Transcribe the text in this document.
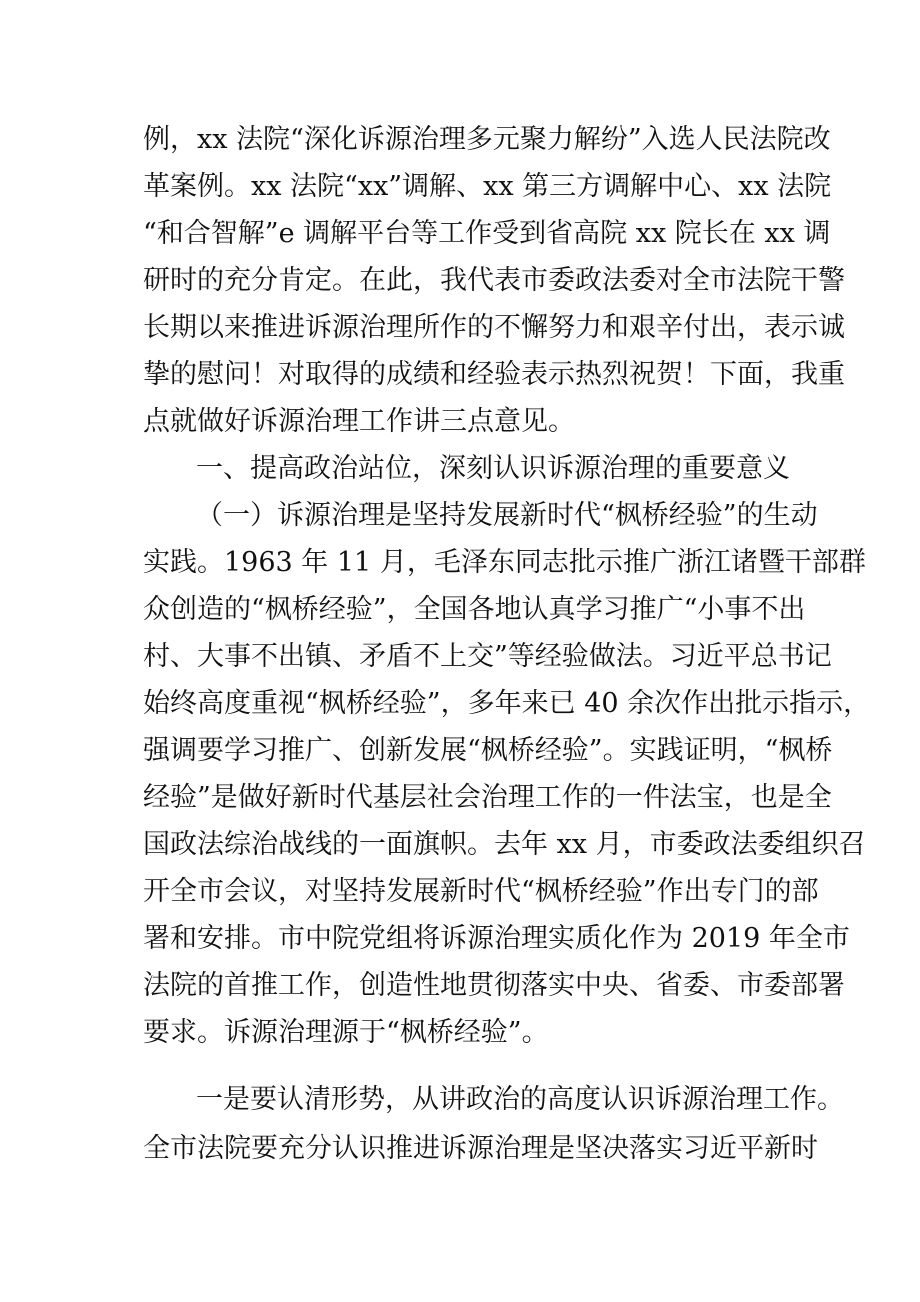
例，xx 法院“深化诉源治理多元聚力解纷”入选人民法院改
革案例。xx 法院“xx”调解、xx 第三方调解中心、xx 法院
“和合智解”e 调解平台等工作受到省高院 xx 院长在 xx 调
研时的充分肯定。在此，我代表市委政法委对全市法院干警
长期以来推进诉源治理所作的不懈努力和艰辛付出，表示诚
挚的慰问！对取得的成绩和经验表示热烈祝贺！下面，我重
点就做好诉源治理工作讲三点意见。
一、提高政治站位，深刻认识诉源治理的重要意义
（一）诉源治理是坚持发展新时代“枫桥经验”的生动
实践。1963 年 11 月，毛泽东同志批示推广浙江诸暨干部群
众创造的“枫桥经验”，全国各地认真学习推广“小事不出
村、大事不出镇、矛盾不上交”等经验做法。习近平总书记
始终高度重视“枫桥经验”，多年来已 40 余次作出批示指示，
强调要学习推广、创新发展“枫桥经验”。实践证明，“枫桥
经验”是做好新时代基层社会治理工作的一件法宝，也是全
国政法综治战线的一面旗帜。去年 xx 月，市委政法委组织召
开全市会议，对坚持发展新时代“枫桥经验”作出专门的部
署和安排。市中院党组将诉源治理实质化作为 2019 年全市
法院的首推工作，创造性地贯彻落实中央、省委、市委部署
要求。诉源治理源于“枫桥经验”。
一是要认清形势，从讲政治的高度认识诉源治理工作。
全市法院要充分认识推进诉源治理是坚决落实习近平新时
